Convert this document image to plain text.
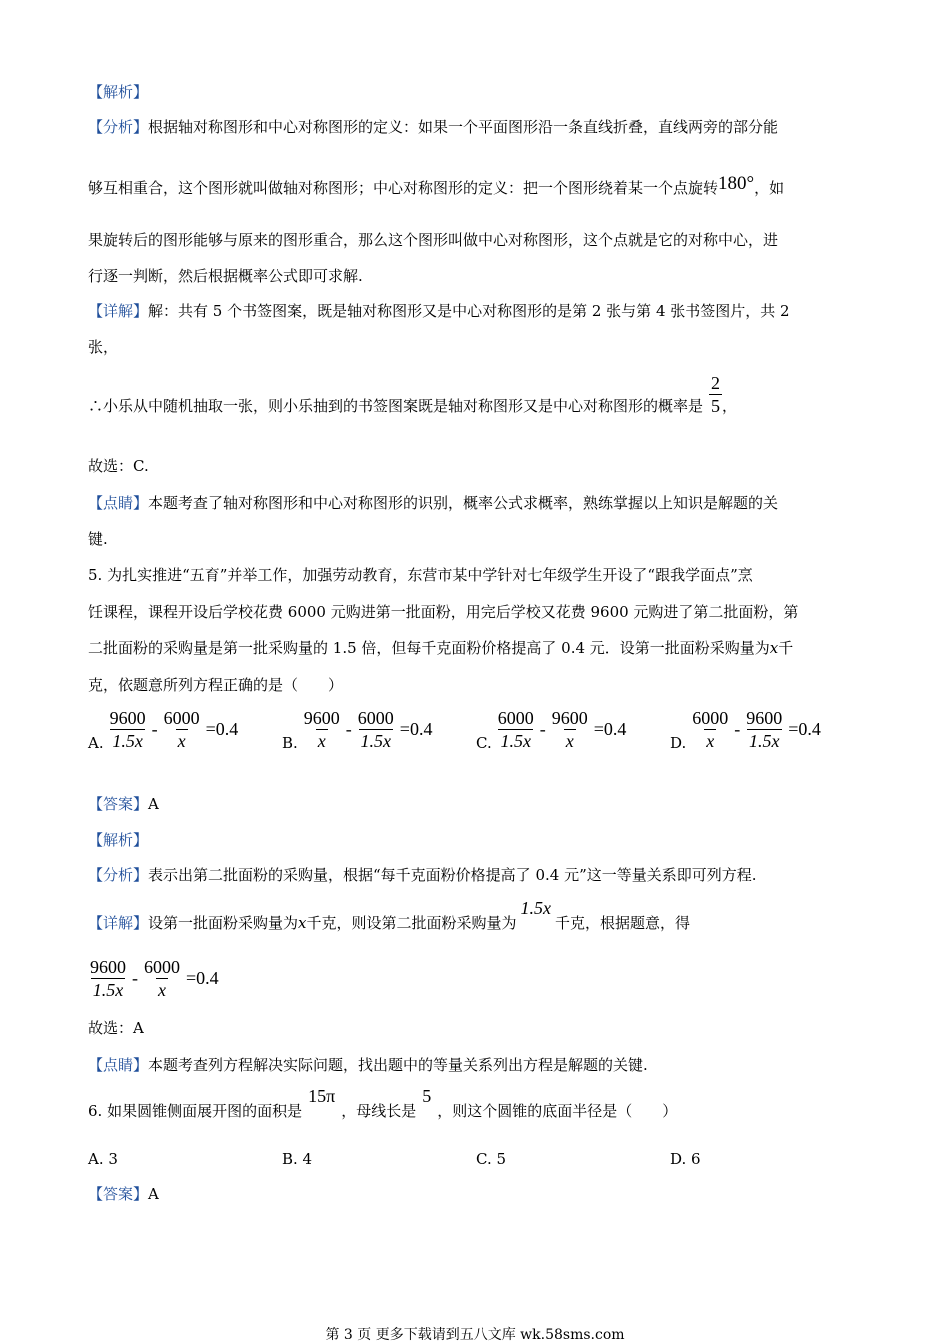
【解析】
【分析】根据轴对称图形和中心对称图形的定义：如果一个平面图形沿一条直线折叠，直线两旁的部分能
够互相重合，这个图形就叫做轴对称图形；中心对称图形的定义：把一个图形绕着某一个点旋转180°，如
果旋转后的图形能够与原来的图形重合，那么这个图形叫做中心对称图形，这个点就是它的对称中心，进
行逐一判断，然后根据概率公式即可求解.
【详解】解：共有 5 个书签图案，既是轴对称图形又是中心对称图形的是第 2 张与第 4 张书签图片，共 2
张，
∴小乐从中随机抽取一张，则小乐抽到的书签图案既是轴对称图形又是中心对称图形的概率是 $\frac{2}{5}$ ，
故选：C.
【点睛】本题考查了轴对称图形和中心对称图形的识别，概率公式求概率，熟练掌握以上知识是解题的关
键.
5. 为扎实推进“五育”并举工作，加强劳动教育，东营市某中学针对七年级学生开设了“跟我学面点”烹
饪课程，课程开设后学校花费 6000 元购进第一批面粉，用完后学校又花费 9600 元购进了第二批面粉，第
二批面粉的采购量是第一批采购量的 1.5 倍，但每千克面粉价格提高了 0.4 元．设第一批面粉采购量为x千
克，依题意所列方程正确的是（　　）
A. $\frac{9600}{1.5x} - \frac{6000}{x} =0.4$
B. $\frac{9600}{x} - \frac{6000}{1.5x} =0.4$
C. $\frac{6000}{1.5x} - \frac{9600}{x} =0.4$
D. $\frac{6000}{x} - \frac{9600}{1.5x} =0.4$
【答案】A
【解析】
【分析】表示出第二批面粉的采购量，根据“每千克面粉价格提高了 0.4 元”这一等量关系即可列方程.
【详解】设第一批面粉采购量为x千克，则设第二批面粉采购量为1.5x千克，根据题意，得
$\frac{9600}{1.5x} - \frac{6000}{x} =0.4$
故选：A
【点睛】本题考查列方程解决实际问题，找出题中的等量关系列出方程是解题的关键.
6. 如果圆锥侧面展开图的面积是15π，母线长是5，则这个圆锥的底面半径是（　　）
A. 3	B. 4	C. 5	D. 6
【答案】A
第 3 页 更多下载请到五八文库 wk.58sms.com
